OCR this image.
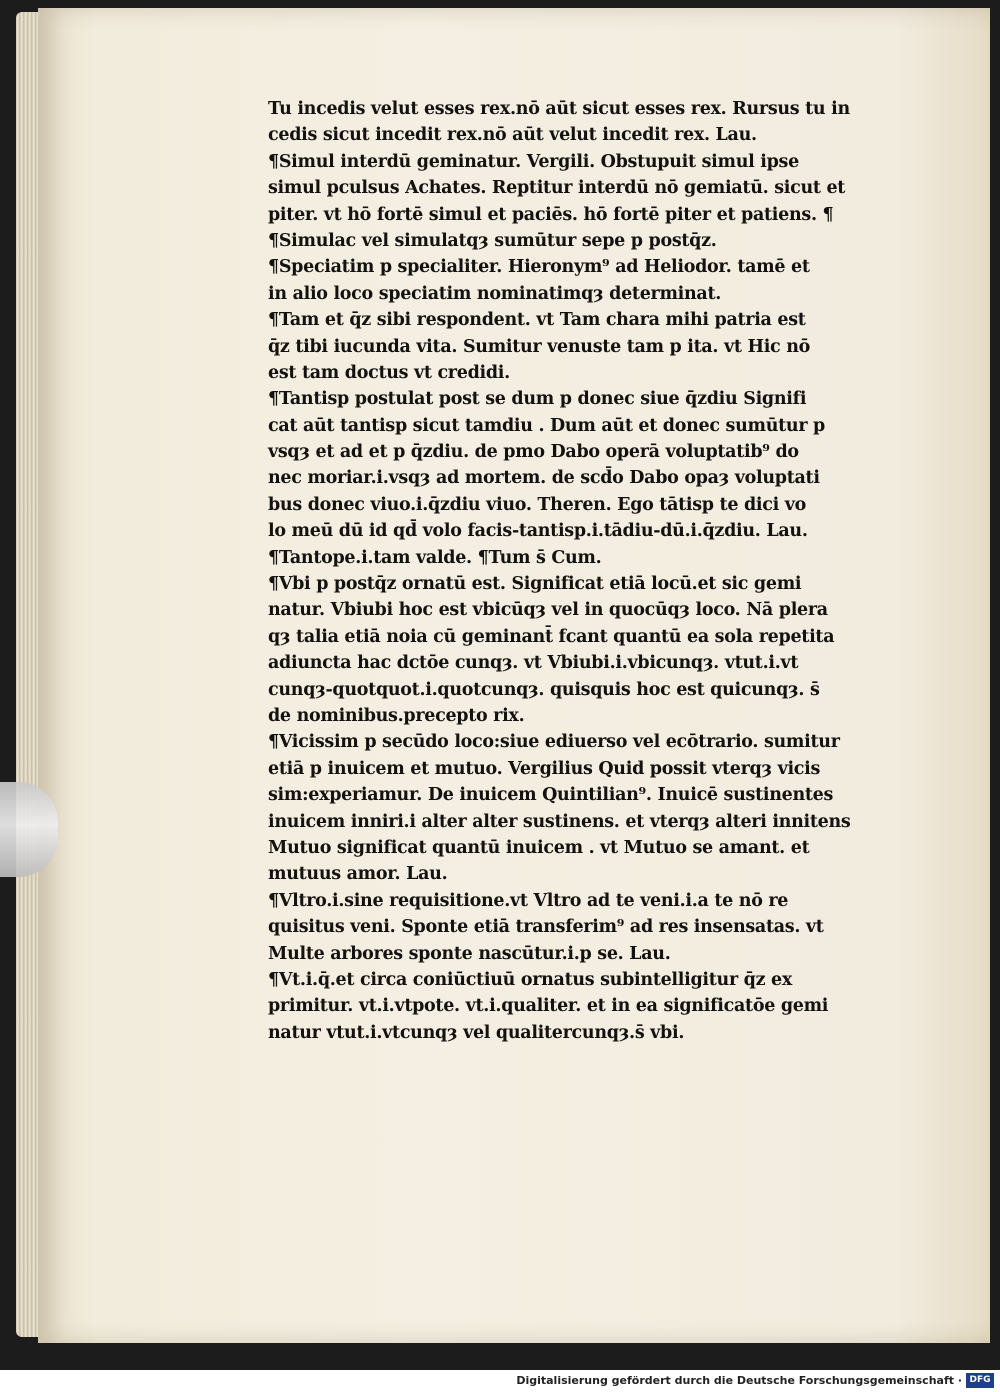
Tu incedis velut esses rex.nō aūt sicut esses rex. Rursus tu in
cedis sicut incedit rex.nō aūt velut incedit rex. Lau.
¶Simul interdū geminatur. Vergili. Obstupuit simul ipse
simul pculsus Achates. Reptitur interdū nō gemiatū. sicut et
piter. vt hō fortē simul et paciēs. hō fortē piter et patiens. ¶
¶Simulac vel simulatqȝ sumūtur sepe p postq̄z.
¶Speciatim p specialiter. Hieronym⁹ ad Heliodor. tamē et
in alio loco speciatim nominatimqȝ determinat.
¶Tam et q̄z sibi respondent. vt Tam chara mihi patria est
q̄z tibi iucunda vita. Sumitur venuste tam p ita. vt Hic nō
est tam doctus vt credidi.
¶Tantisp postulat post se dum p donec siue q̄zdiu Signifi
cat aūt tantisp sicut tamdiu . Dum aūt et donec sumūtur p
vsqȝ et ad et p q̄zdiu. de pmo Dabo operā voluptatib⁹ do
nec moriar.i.vsqȝ ad mortem. de scd̄o Dabo opaȝ voluptati
bus donec viuo.i.q̄zdiu viuo. Theren. Ego tātisp te dici vo
lo meū dū id qd̄ volo facis-tantisp.i.tādiu-dū.i.q̄zdiu. Lau.
¶Tantope.i.tam valde. ¶Tum s̄ Cum.
¶Vbi p postq̄z ornatū est. Significat etiā locū.et sic gemi
natur. Vbiubi hoc est vbicūqȝ vel in quocūqȝ loco. Nā plera
qȝ talia etiā noia cū geminant̄ fcant quantū ea sola repetita
adiuncta hac dctōe cunqȝ. vt Vbiubi.i.vbicunqȝ. vtut.i.vt
cunqȝ-quotquot.i.quotcunqȝ. quisquis hoc est quicunqȝ. s̄
de nominibus.precepto rix.
¶Vicissim p secūdo loco:siue ediuerso vel ecōtrario. sumitur
etiā p inuicem et mutuo. Vergilius Quid possit vterqȝ vicis
sim:experiamur. De inuicem Quintilian⁹. Inuicē sustinentes
inuicem inniri.i alter alter sustinens. et vterqȝ alteri innitens
Mutuo significat quantū inuicem . vt Mutuo se amant. et
mutuus amor. Lau.
¶Vltro.i.sine requisitione.vt Vltro ad te veni.i.a te nō re
quisitus veni. Sponte etiā transferim⁹ ad res insensatas. vt
Multe arbores sponte nascūtur.i.p se. Lau.
¶Vt.i.q̄.et circa coniūctiuū ornatus subintelligitur q̄z ex
primitur. vt.i.vtpote. vt.i.qualiter. et in ea significatōe gemi
natur vtut.i.vtcunqȝ vel qualitercunqȝ.s̄ vbi.
Digitalisierung gefördert durch die Deutsche Forschungsgemeinschaft · DFG
